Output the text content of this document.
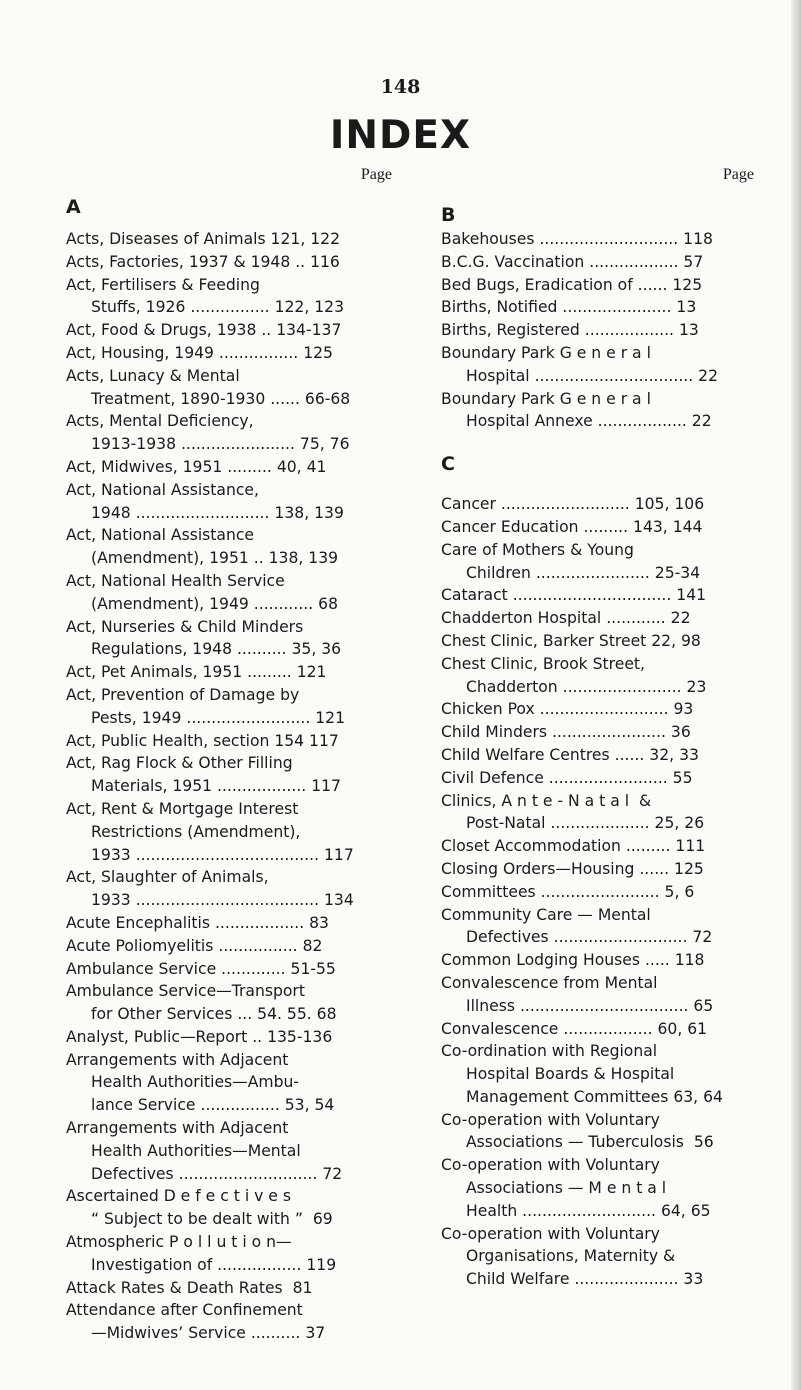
148
INDEX
A
Page
Acts, Diseases of Animals 121, 122
Acts, Factories, 1937 & 1948 .. 116
Act, Fertilisers & Feeding
Stuffs, 1926 ................ 122, 123
Act, Food & Drugs, 1938 .. 134-137
Act, Housing, 1949 ................ 125
Acts, Lunacy & Mental
Treatment, 1890-1930 ...... 66-68
Acts, Mental Deficiency,
1913-1938 ....................... 75, 76
Act, Midwives, 1951 ......... 40, 41
Act, National Assistance,
1948 ........................... 138, 139
Act, National Assistance
(Amendment), 1951 .. 138, 139
Act, National Health Service
(Amendment), 1949 ............ 68
Act, Nurseries & Child Minders
Regulations, 1948 .......... 35, 36
Act, Pet Animals, 1951 ......... 121
Act, Prevention of Damage by
Pests, 1949 ......................... 121
Act, Public Health, section 154 117
Act, Rag Flock & Other Filling
Materials, 1951 .................. 117
Act, Rent & Mortgage Interest
Restrictions (Amendment),
1933 ..................................... 117
Act, Slaughter of Animals,
1933 ..................................... 134
Acute Encephalitis .................. 83
Acute Poliomyelitis ................ 82
Ambulance Service ............. 51-55
Ambulance Service—Transport
for Other Services ... 54. 55. 68
Analyst, Public—Report .. 135-136
Arrangements with Adjacent
Health Authorities—Ambu-
lance Service ................ 53, 54
Arrangements with Adjacent
Health Authorities—Mental
Defectives ............................ 72
Ascertained D e f e c t i v e s
“ Subject to be dealt with ”  69
Atmospheric P o l l u t i o n—
Investigation of ................. 119
Attack Rates & Death Rates  81
Attendance after Confinement
—Midwives’ Service .......... 37
Page
B
Bakehouses ............................ 118
B.C.G. Vaccination .................. 57
Bed Bugs, Eradication of ...... 125
Births, Notified ...................... 13
Births, Registered .................. 13
Boundary Park G e n e r a l
Hospital ................................ 22
Boundary Park G e n e r a l
Hospital Annexe .................. 22
C
Cancer .......................... 105, 106
Cancer Education ......... 143, 144
Care of Mothers & Young
Children ....................... 25-34
Cataract ................................ 141
Chadderton Hospital ............ 22
Chest Clinic, Barker Street 22, 98
Chest Clinic, Brook Street,
Chadderton ........................ 23
Chicken Pox .......................... 93
Child Minders ....................... 36
Child Welfare Centres ...... 32, 33
Civil Defence ........................ 55
Clinics, A n t e - N a t a l  &
Post-Natal .................... 25, 26
Closet Accommodation ......... 111
Closing Orders—Housing ...... 125
Committees ........................ 5, 6
Community Care — Mental
Defectives ........................... 72
Common Lodging Houses ..... 118
Convalescence from Mental
Illness .................................. 65
Convalescence .................. 60, 61
Co-ordination with Regional
Hospital Boards & Hospital
Management Committees 63, 64
Co-operation with Voluntary
Associations — Tuberculosis  56
Co-operation with Voluntary
Associations — M e n t a l
Health ........................... 64, 65
Co-operation with Voluntary
Organisations, Maternity &
Child Welfare ..................... 33
